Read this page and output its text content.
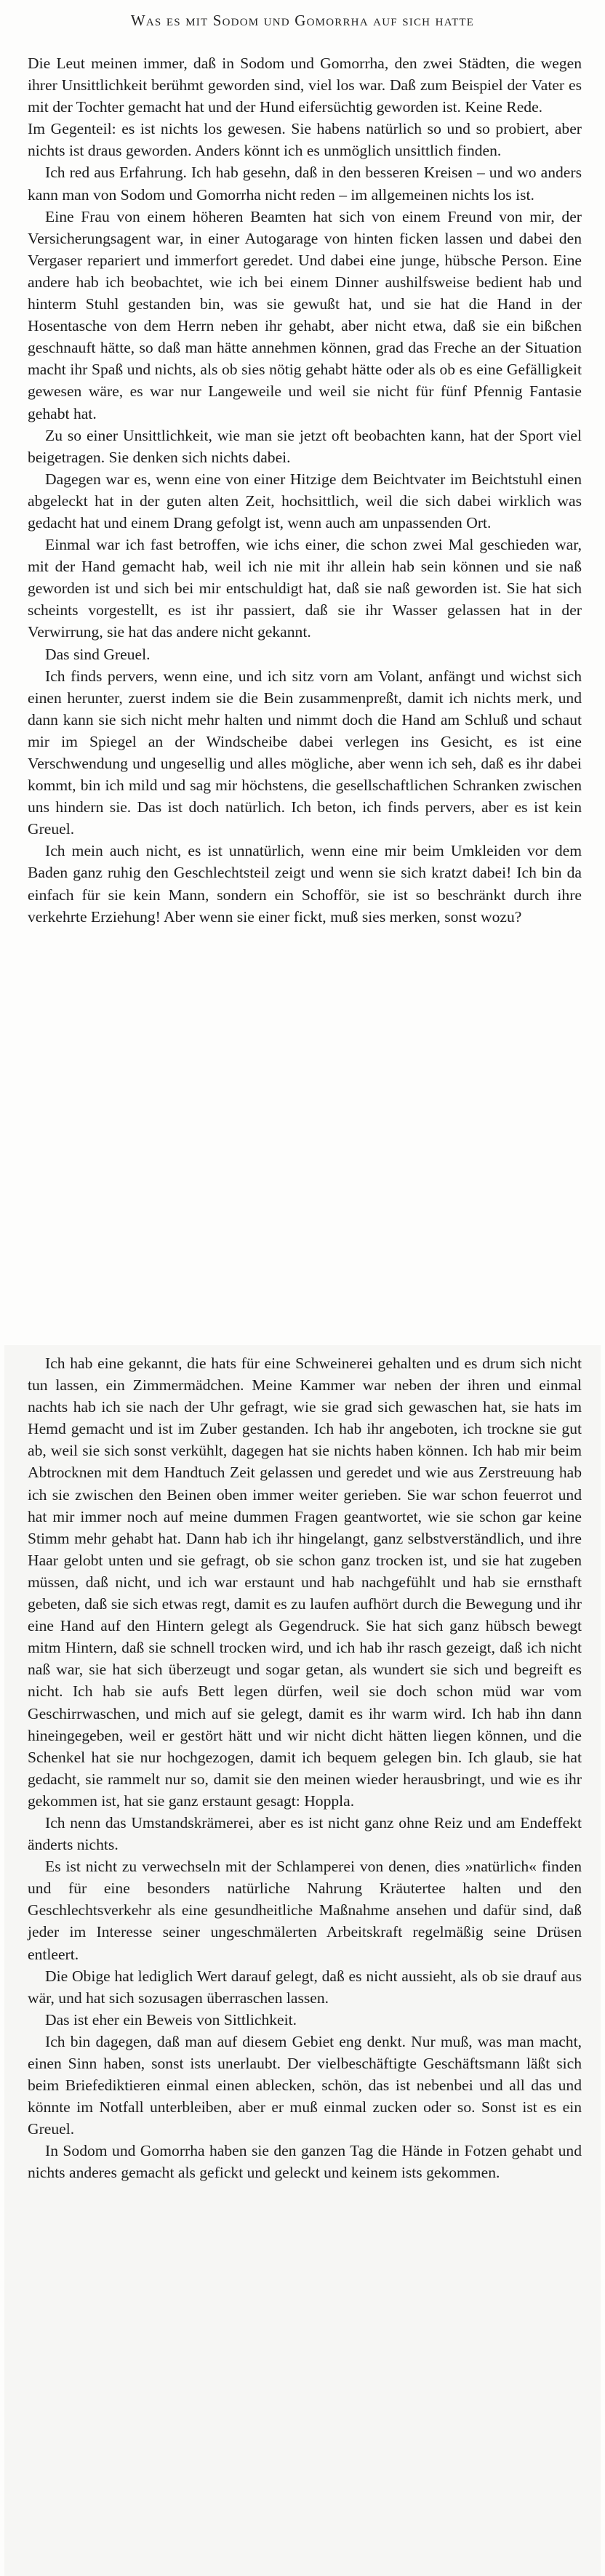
Was es mit Sodom und Gomorrha auf sich hatte

Die Leut meinen immer, daß in Sodom und Gomorrha, den zwei Städten, die wegen ihrer Unsittlichkeit berühmt geworden sind, viel los war. Daß zum Beispiel der Vater es mit der Tochter gemacht hat und der Hund eifersüchtig geworden ist. Keine Rede.

Im Gegenteil: es ist nichts los gewesen. Sie habens natürlich so und so probiert, aber nichts ist draus geworden. Anders könnt ich es unmöglich unsittlich finden.

Ich red aus Erfahrung. Ich hab gesehn, daß in den besseren Kreisen – und wo anders kann man von Sodom und Gomorrha nicht reden – im allgemeinen nichts los ist.

Eine Frau von einem höheren Beamten hat sich von einem Freund von mir, der Versicherungsagent war, in einer Autogarage von hinten ficken lassen und dabei den Vergaser repariert und immerfort geredet. Und dabei eine junge, hübsche Person. Eine andere hab ich beobachtet, wie ich bei einem Dinner aushilfsweise bedient hab und hinterm Stuhl gestanden bin, was sie gewußt hat, und sie hat die Hand in der Hosentasche von dem Herrn neben ihr gehabt, aber nicht etwa, daß sie ein bißchen geschnauft hätte, so daß man hätte annehmen können, grad das Freche an der Situation macht ihr Spaß und nichts, als ob sies nötig gehabt hätte oder als ob es eine Gefälligkeit gewesen wäre, es war nur Langeweile und weil sie nicht für fünf Pfennig Fantasie gehabt hat.

Zu so einer Unsittlichkeit, wie man sie jetzt oft beobachten kann, hat der Sport viel beigetragen. Sie denken sich nichts dabei.

Dagegen war es, wenn eine von einer Hitzige dem Beichtvater im Beichtstuhl einen abgeleckt hat in der guten alten Zeit, hochsittlich, weil die sich dabei wirklich was gedacht hat und einem Drang gefolgt ist, wenn auch am unpassenden Ort.

Einmal war ich fast betroffen, wie ichs einer, die schon zwei Mal geschieden war, mit der Hand gemacht hab, weil ich nie mit ihr allein hab sein können und sie naß geworden ist und sich bei mir entschuldigt hat, daß sie naß geworden ist. Sie hat sich scheints vorgestellt, es ist ihr passiert, daß sie ihr Wasser gelassen hat in der Verwirrung, sie hat das andere nicht gekannt.

Das sind Greuel.

Ich finds pervers, wenn eine, und ich sitz vorn am Volant, anfängt und wichst sich einen herunter, zuerst indem sie die Bein zusammenpreßt, damit ich nichts merk, und dann kann sie sich nicht mehr halten und nimmt doch die Hand am Schluß und schaut mir im Spiegel an der Windscheibe dabei verlegen ins Gesicht, es ist eine Verschwendung und ungesellig und alles mögliche, aber wenn ich seh, daß es ihr dabei kommt, bin ich mild und sag mir höchstens, die gesellschaftlichen Schranken zwischen uns hindern sie. Das ist doch natürlich. Ich beton, ich finds pervers, aber es ist kein Greuel.

Ich mein auch nicht, es ist unnatürlich, wenn eine mir beim Umkleiden vor dem Baden ganz ruhig den Geschlechtsteil zeigt und wenn sie sich kratzt dabei! Ich bin da einfach für sie kein Mann, sondern ein Schofför, sie ist so beschränkt durch ihre verkehrte Erziehung! Aber wenn sie einer fickt, muß sies merken, sonst wozu?

Ich hab eine gekannt, die hats für eine Schweinerei gehalten und es drum sich nicht tun lassen, ein Zimmermädchen. Meine Kammer war neben der ihren und einmal nachts hab ich sie nach der Uhr gefragt, wie sie grad sich gewaschen hat, sie hats im Hemd gemacht und ist im Zuber gestanden. Ich hab ihr angeboten, ich trockne sie gut ab, weil sie sich sonst verkühlt, dagegen hat sie nichts haben können. Ich hab mir beim Abtrocknen mit dem Handtuch Zeit gelassen und geredet und wie aus Zerstreuung hab ich sie zwischen den Beinen oben immer weiter gerieben. Sie war schon feuerrot und hat mir immer noch auf meine dummen Fragen geantwortet, wie sie schon gar keine Stimm mehr gehabt hat. Dann hab ich ihr hingelangt, ganz selbstverständlich, und ihre Haar gelobt unten und sie gefragt, ob sie schon ganz trocken ist, und sie hat zugeben müssen, daß nicht, und ich war erstaunt und hab nachgefühlt und hab sie ernsthaft gebeten, daß sie sich etwas regt, damit es zu laufen aufhört durch die Bewegung und ihr eine Hand auf den Hintern gelegt als Gegendruck. Sie hat sich ganz hübsch bewegt mitm Hintern, daß sie schnell trocken wird, und ich hab ihr rasch gezeigt, daß ich nicht naß war, sie hat sich überzeugt und sogar getan, als wundert sie sich und begreift es nicht. Ich hab sie aufs Bett legen dürfen, weil sie doch schon müd war vom Geschirrwaschen, und mich auf sie gelegt, damit es ihr warm wird. Ich hab ihn dann hineingegeben, weil er gestört hätt und wir nicht dicht hätten liegen können, und die Schenkel hat sie nur hochgezogen, damit ich bequem gelegen bin. Ich glaub, sie hat gedacht, sie rammelt nur so, damit sie den meinen wieder herausbringt, und wie es ihr gekommen ist, hat sie ganz erstaunt gesagt: Hoppla.

Ich nenn das Umstandskrämerei, aber es ist nicht ganz ohne Reiz und am Endeffekt änderts nichts.

Es ist nicht zu verwechseln mit der Schlamperei von denen, dies »natürlich« finden und für eine besonders natürliche Nahrung Kräutertee halten und den Geschlechtsverkehr als eine gesundheitliche Maßnahme ansehen und dafür sind, daß jeder im Interesse seiner ungeschmälerten Arbeitskraft regelmäßig seine Drüsen entleert.

Die Obige hat lediglich Wert darauf gelegt, daß es nicht aussieht, als ob sie drauf aus wär, und hat sich sozusagen überraschen lassen.

Das ist eher ein Beweis von Sittlichkeit.

Ich bin dagegen, daß man auf diesem Gebiet eng denkt. Nur muß, was man macht, einen Sinn haben, sonst ists unerlaubt. Der vielbeschäftigte Geschäftsmann läßt sich beim Briefediktieren einmal einen ablecken, schön, das ist nebenbei und all das und könnte im Notfall unterbleiben, aber er muß einmal zucken oder so. Sonst ist es ein Greuel.

In Sodom und Gomorrha haben sie den ganzen Tag die Hände in Fotzen gehabt und nichts anderes gemacht als gefickt und geleckt und keinem ists gekommen.
